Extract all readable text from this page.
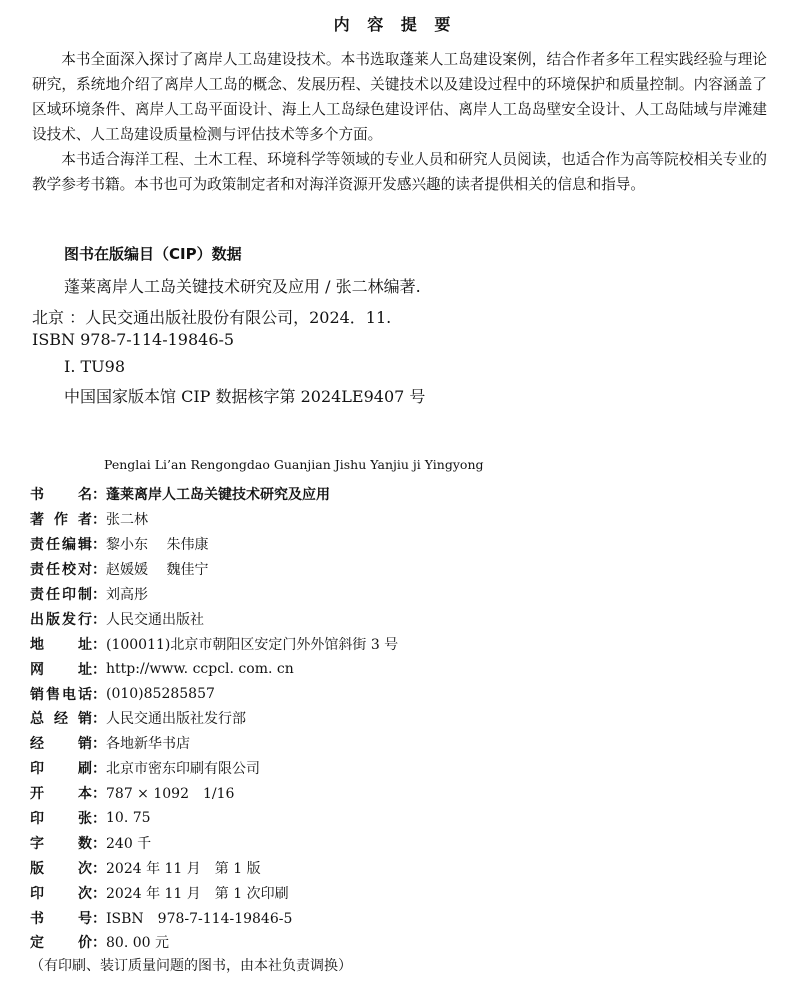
内 容 提 要

本书全面深入探讨了离岸人工岛建设技术。本书选取蓬莱人工岛建设案例，结合作者多年工程实践经验与理论研究，系统地介绍了离岸人工岛的概念、发展历程、关键技术以及建设过程中的环境保护和质量控制。内容涵盖了区域环境条件、离岸人工岛平面设计、海上人工岛绿色建设评估、离岸人工岛岛壁安全设计、人工岛陆域与岸滩建设技术、人工岛建设质量检测与评估技术等多个方面。

本书适合海洋工程、土木工程、环境科学等领域的专业人员和研究人员阅读，也适合作为高等院校相关专业的教学参考书籍。本书也可为政策制定者和对海洋资源开发感兴趣的读者提供相关的信息和指导。

图书在版编目（CIP）数据
蓬莱离岸人工岛关键技术研究及应用 / 张二林编著.
北京 ：人民交通出版社股份有限公司，2024．11.
ISBN 978-7-114-19846-5
Ⅰ. TU98
中国国家版本馆 CIP 数据核字第 2024LE9407 号
Penglai Li’an Rengongdao Guanjian Jishu Yanjiu ji Yingyong
书 名 ： 蓬莱离岸人工岛关键技术研究及应用
著 作 者 ： 张二林
责 任 编 辑 ： 黎小东　 朱伟康
责 任 校 对 ： 赵媛媛　 魏佳宁
责 任 印 制 ： 刘高彤
出 版 发 行 ： 人民交通出版社
地 址 ： (100011)北京市朝阳区安定门外外馆斜街 3 号
网 址 ： http://www. ccpcl. com. cn
销 售 电 话 ： (010)85285857
总 经 销 ： 人民交通出版社发行部
经 销 ： 各地新华书店
印 刷 ： 北京市密东印刷有限公司
开 本 ： 787 × 1092　1/16
印 张 ： 10. 75
字 数 ： 240 千
版 次 ： 2024 年 11 月　第 1 版
印 次 ： 2024 年 11 月　第 1 次印刷
书 号 ： ISBN　978-7-114-19846-5
定 价 ： 80. 00 元
（有印刷、装订质量问题的图书，由本社负责调换）
